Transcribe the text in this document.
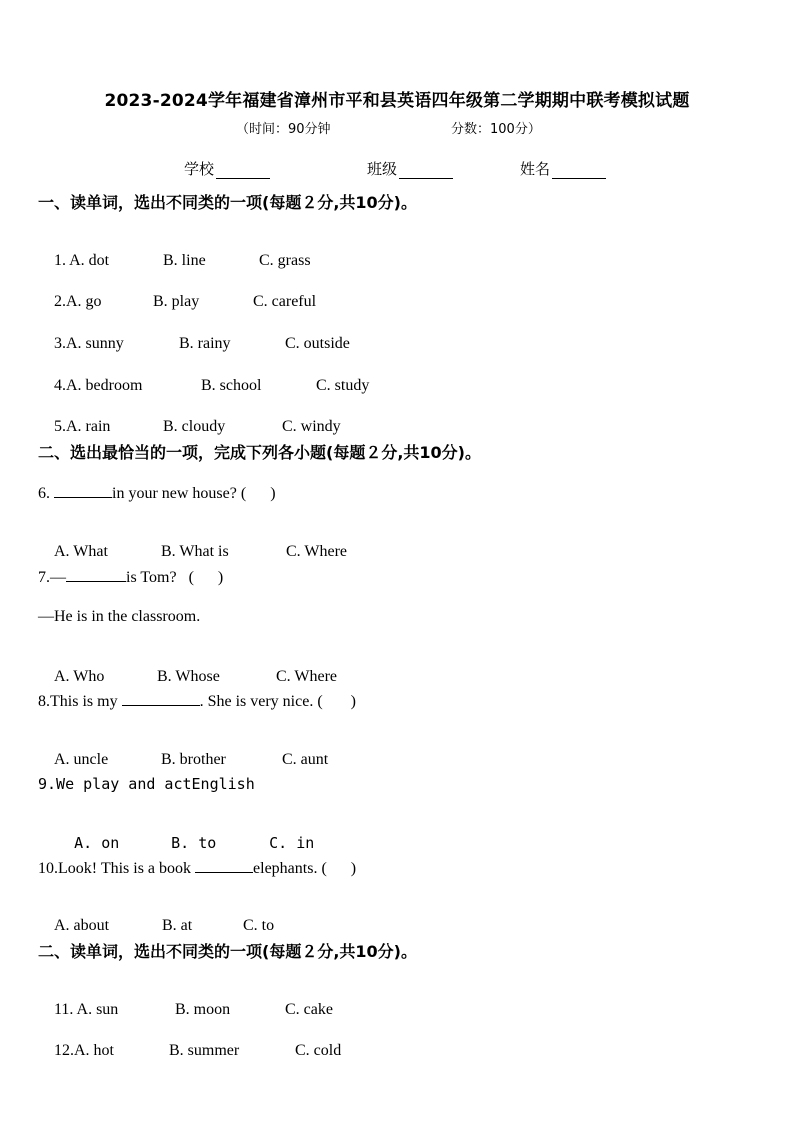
2023-2024学年福建省漳州市平和县英语四年级第二学期期中联考模拟试题
（时间：90分钟	分数：100分）
学校	班级	姓名
一、读单词，选出不同类的一项(每题２分,共10分)。

1. A. dot	B. line	C. grass

2.A. go	B. play	C. careful

3.A. sunny	B. rainy	C. outside

4.A. bedroom	B. school	C. study

5.A. rain	B. cloudy	C. windy

二、选出最恰当的一项，完成下列各小题(每题２分,共10分)。
6.	in your new house? (      )

A. What	B. What is	C. Where

7.—	is Tom?   (      )
—He is in the classroom.

A. Who	B. Whose	C. Where

8.This is my	. She is very nice. (       )

A. uncle	B. brother	C. aunt

9.We play and actEnglish

A. on	B. to	C. in

10.Look! This is a book	elephants. (      )

A. about	B. at	C. to

二、读单词，选出不同类的一项(每题２分,共10分)。

11. A. sun	B. moon	C. cake

12.A. hot	B. summer	C. cold
